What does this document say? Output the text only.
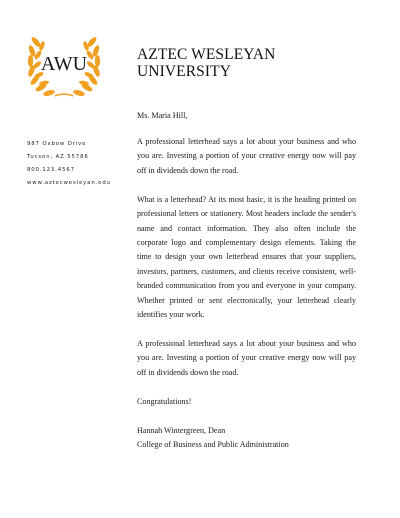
AWU	AZTEC WESLEYAN
UNIVERSITY
987 Oxbow Drive
Tucson, AZ 55786
800.123.4567
www.aztecwesleyan.edu

Ms. Maria Hill,

A professional letterhead says a lot about your business and who you are. Investing a portion of your creative energy now will pay off in dividends down the road.

What is a letterhead? At its most basic, it is the heading printed on professional letters or stationery. Most headers include the sender's name and contact information. They also often include the corporate logo and complementary design elements. Taking the time to design your own letterhead ensures that your suppliers, investors, partners, customers, and clients receive consistent, well-branded communication from you and everyone in your company. Whether printed or sent electronically, your letterhead clearly identifies your work.

A professional letterhead says a lot about your business and who you are. Investing a portion of your creative energy now will pay off in dividends down the road.

Congratulations!

Hannah Wintergreen, Dean
College of Business and Public Administration
